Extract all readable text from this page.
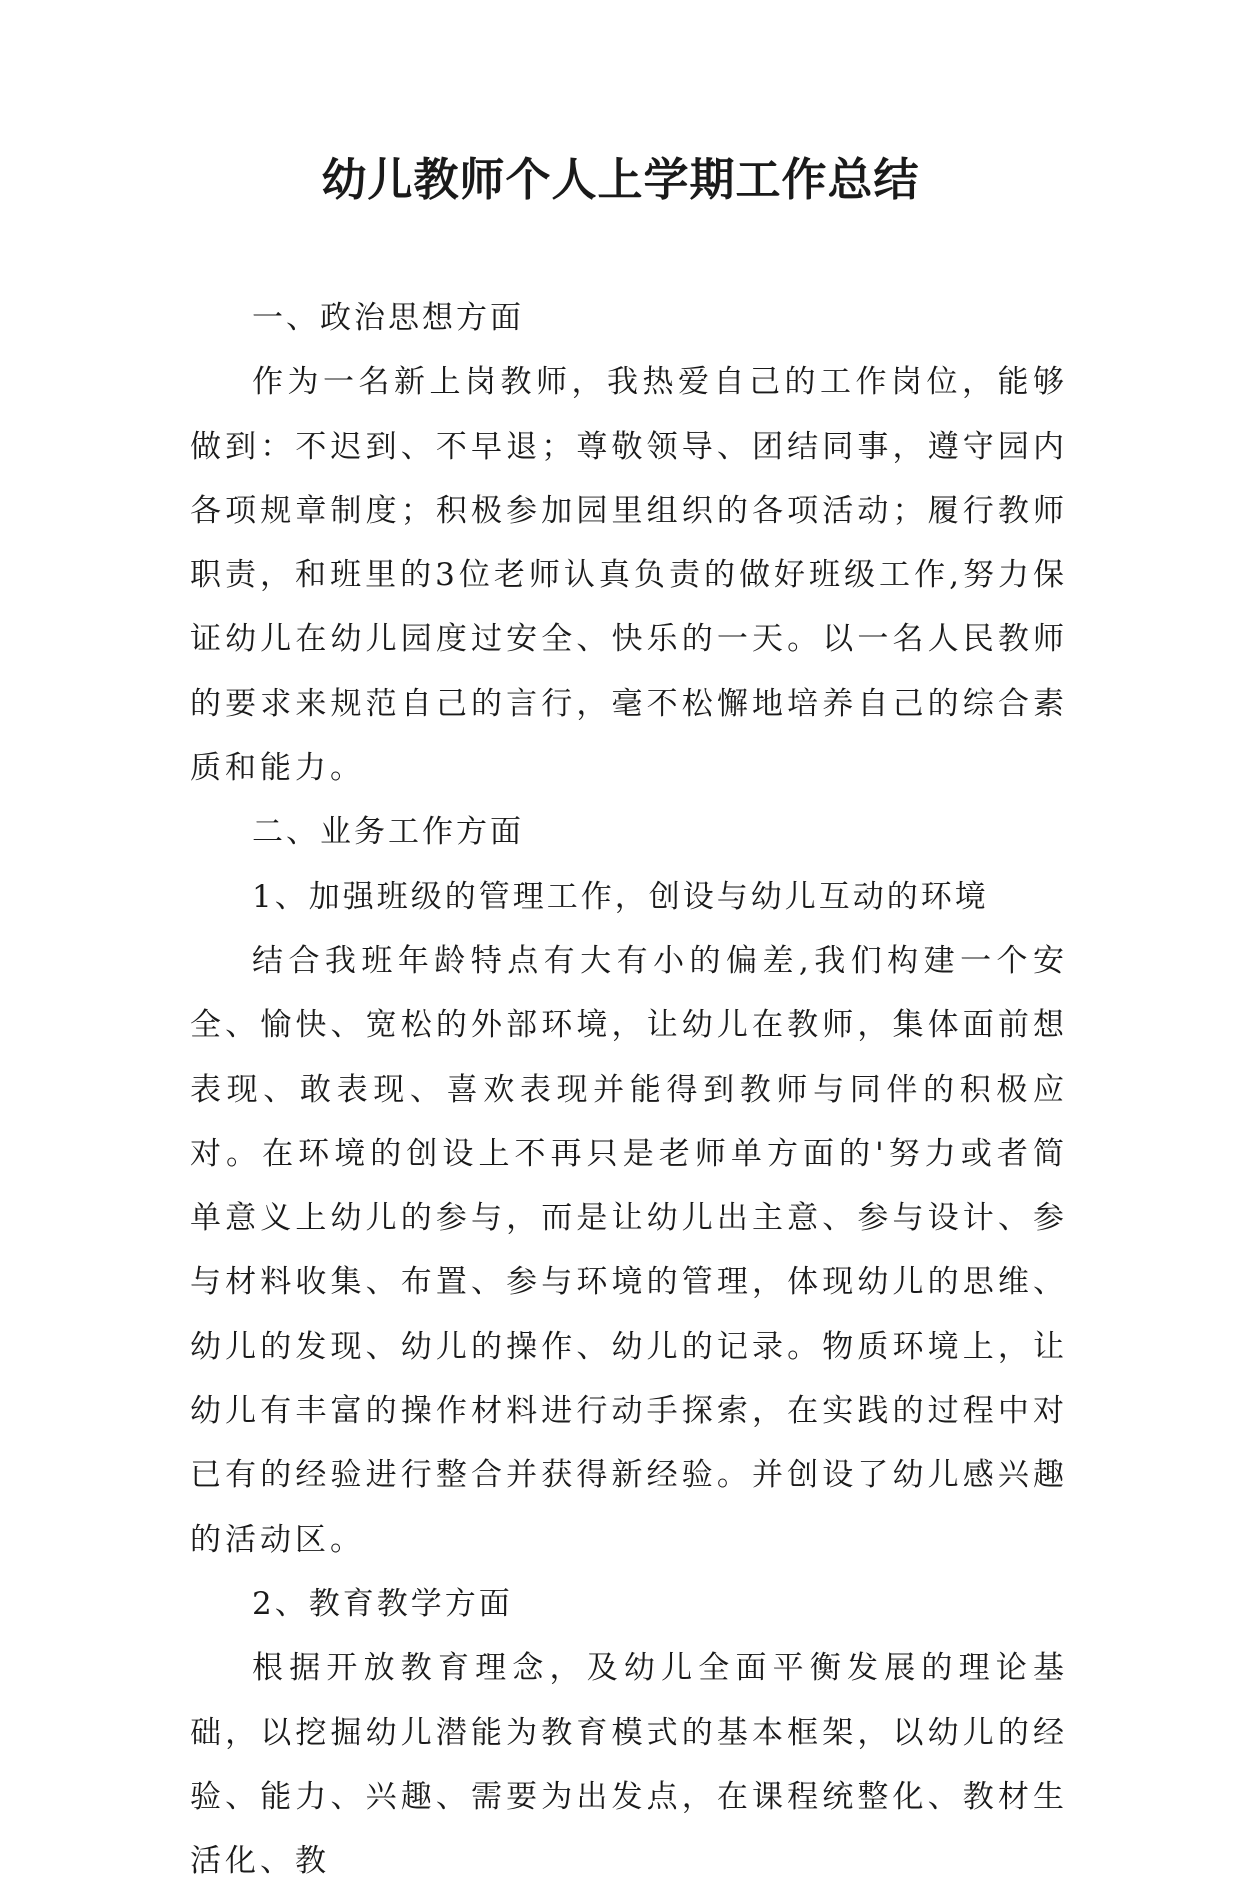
幼儿教师个人上学期工作总结

一、政治思想方面

作为一名新上岗教师，我热爱自己的工作岗位，能够做到：不迟到、不早退；尊敬领导、团结同事，遵守园内各项规章制度；积极参加园里组织的各项活动；履行教师职责，和班里的3位老师认真负责的做好班级工作,努力保证幼儿在幼儿园度过安全、快乐的一天。以一名人民教师的要求来规范自己的言行，毫不松懈地培养自己的综合素质和能力。

二、业务工作方面

1、加强班级的管理工作，创设与幼儿互动的环境

结合我班年龄特点有大有小的偏差,我们构建一个安全、愉快、宽松的外部环境，让幼儿在教师，集体面前想表现、敢表现、喜欢表现并能得到教师与同伴的积极应对。在环境的创设上不再只是老师单方面的'努力或者简单意义上幼儿的参与，而是让幼儿出主意、参与设计、参与材料收集、布置、参与环境的管理，体现幼儿的思维、幼儿的发现、幼儿的操作、幼儿的记录。物质环境上，让幼儿有丰富的操作材料进行动手探索，在实践的过程中对已有的经验进行整合并获得新经验。并创设了幼儿感兴趣的活动区。

2、教育教学方面

根据开放教育理念，及幼儿全面平衡发展的理论基础，以挖掘幼儿潜能为教育模式的基本框架，以幼儿的经验、能力、兴趣、需要为出发点，在课程统整化、教材生活化、教
